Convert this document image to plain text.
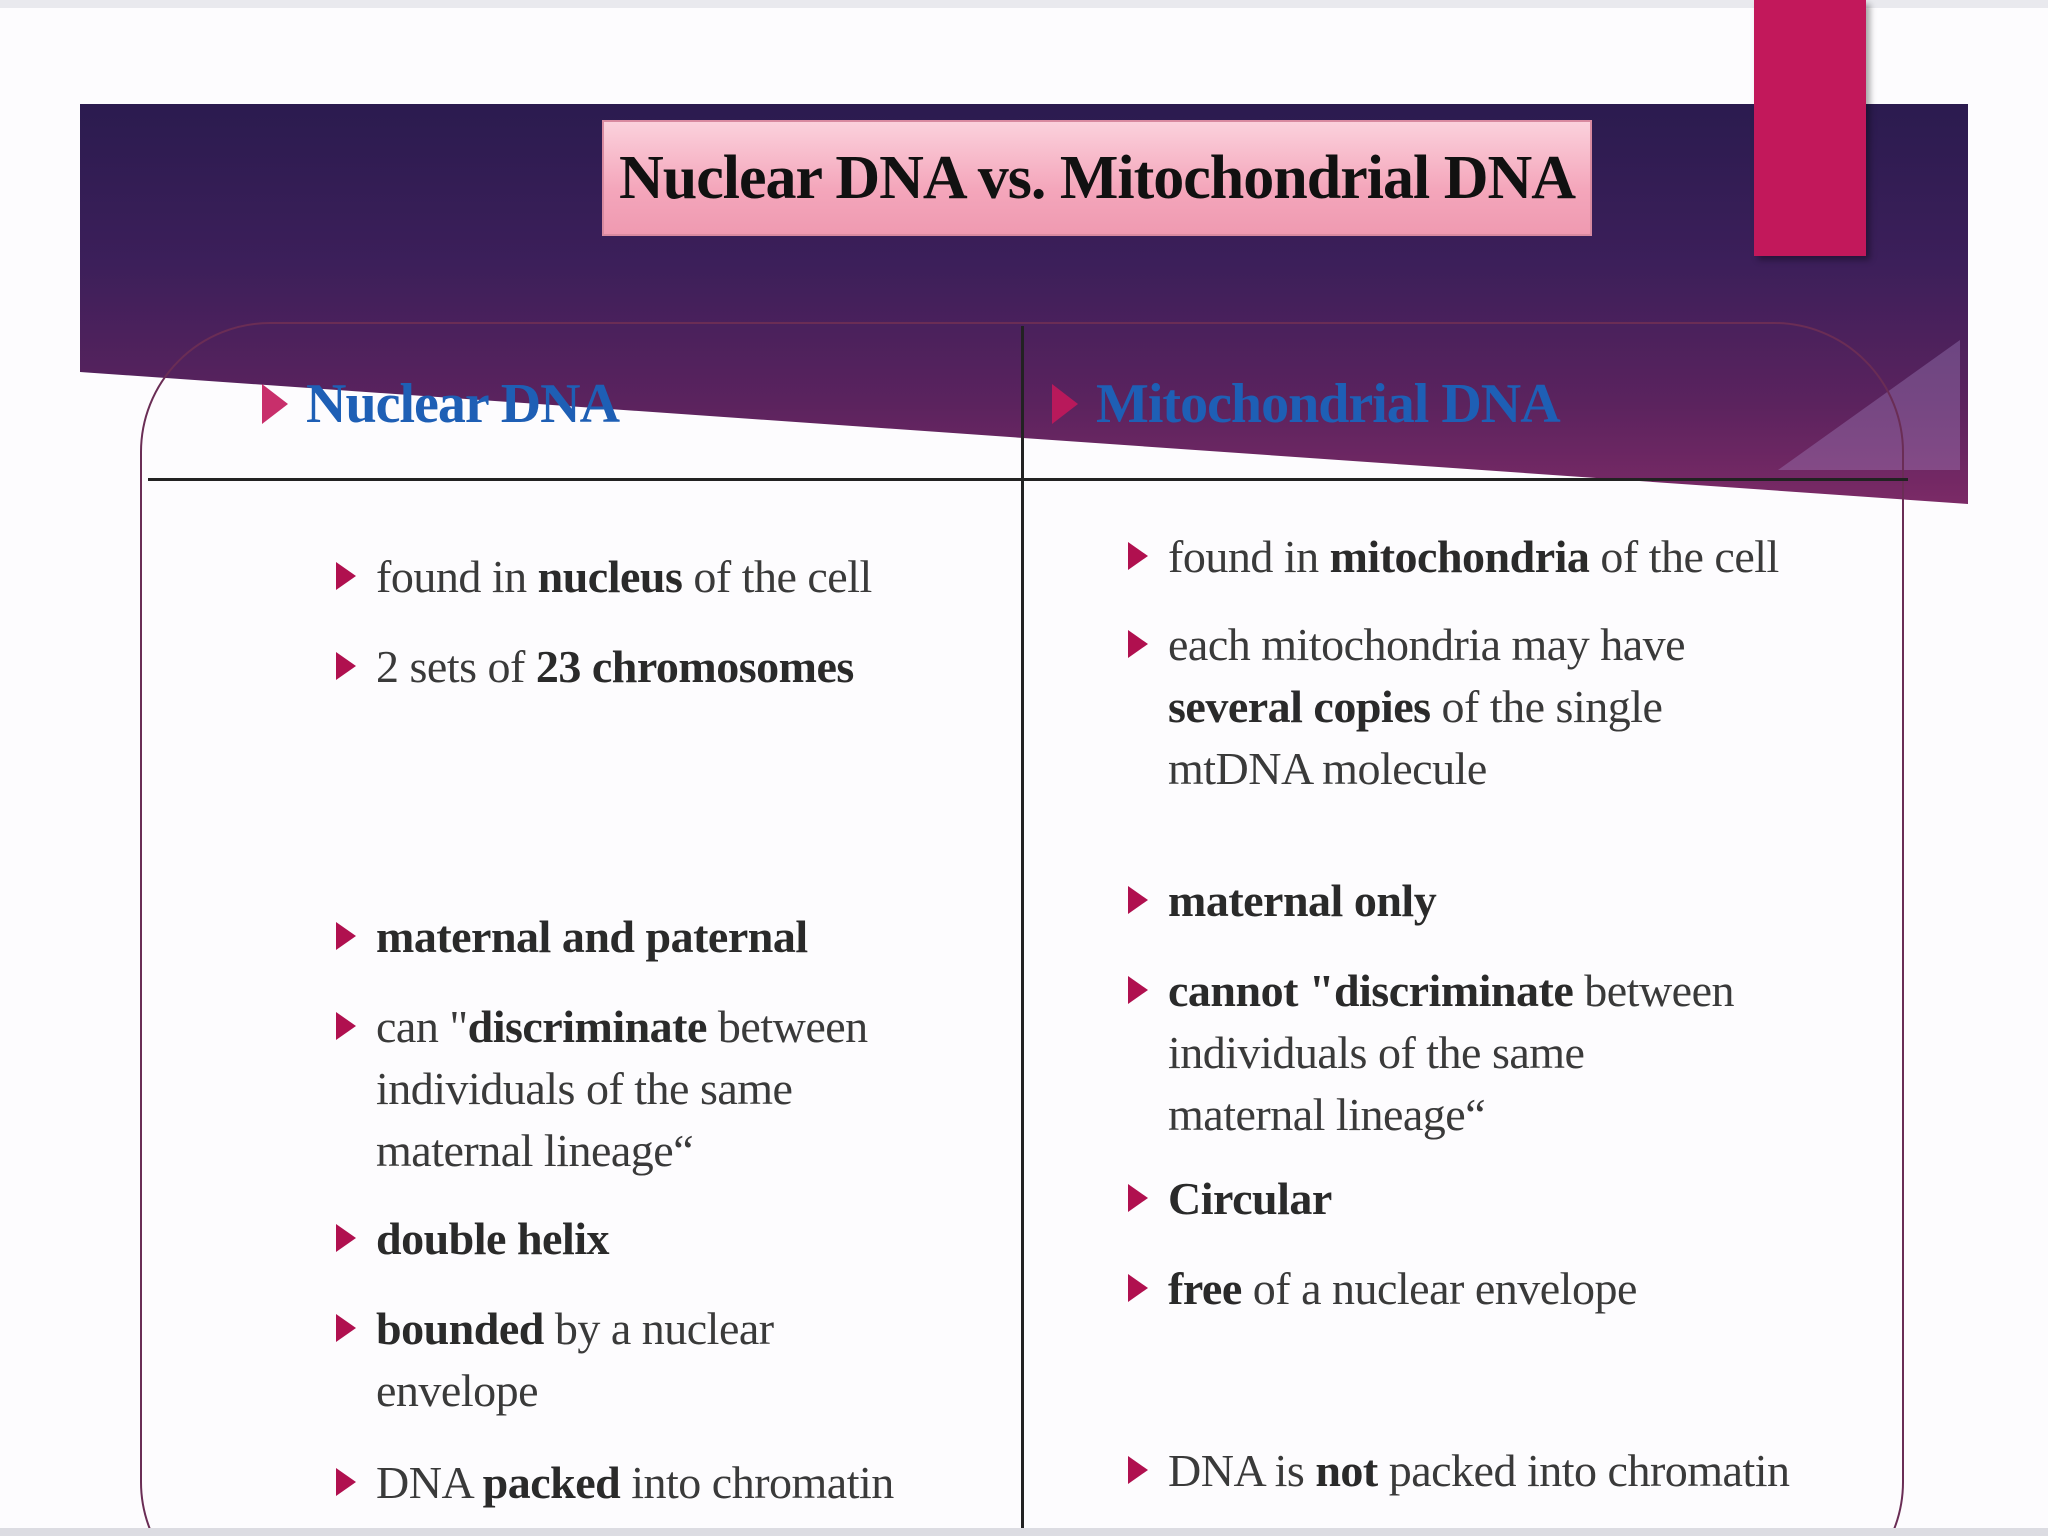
Nuclear DNA vs. Mitochondrial DNA
Nuclear DNA	Mitochondrial DNA
found in nucleus of the cell
2 sets of 23 chromosomes
maternal and paternal
can "discriminate between individuals of the same maternal lineage“
double helix
bounded by a nuclear envelope
DNA packed into chromatin
found in mitochondria of the cell
each mitochondria may have several copies of the single mtDNA molecule
maternal only
cannot "discriminate between individuals of the same maternal lineage“
Circular
free of a nuclear envelope
DNA is not packed into chromatin
